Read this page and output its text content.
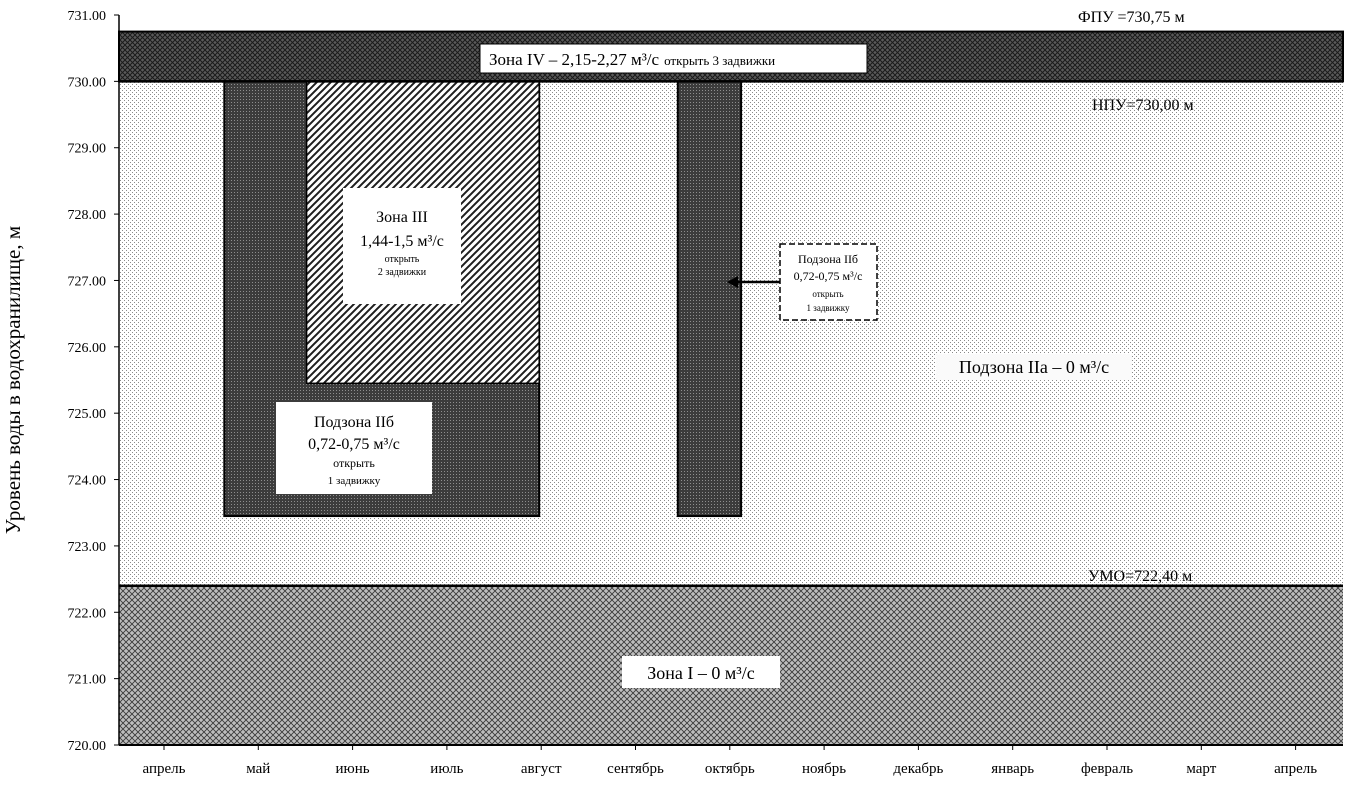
720.00
721.00
722.00
723.00
724.00
725.00
726.00
727.00
728.00
729.00
730.00
731.00
апрель	май	июнь	июль	август	сентябрь	октябрь	ноябрь	декабрь	январь	февраль	март	апрель
Уровень воды в водохранилище, м
ФПУ =730,75 м
НПУ=730,00 м
УМО=722,40 м
Зона IV – 2,15-2,27 м³/с открыть 3 задвижки
Зона III
1,44-1,5 м³/с
открыть
2 задвижки
Подзона IIб
0,72-0,75 м³/с
открыть
1 задвижку
Подзона IIб
0,72-0,75 м³/с
открыть
1 задвижку
Подзона IIа – 0 м³/с
Зона I – 0 м³/с
